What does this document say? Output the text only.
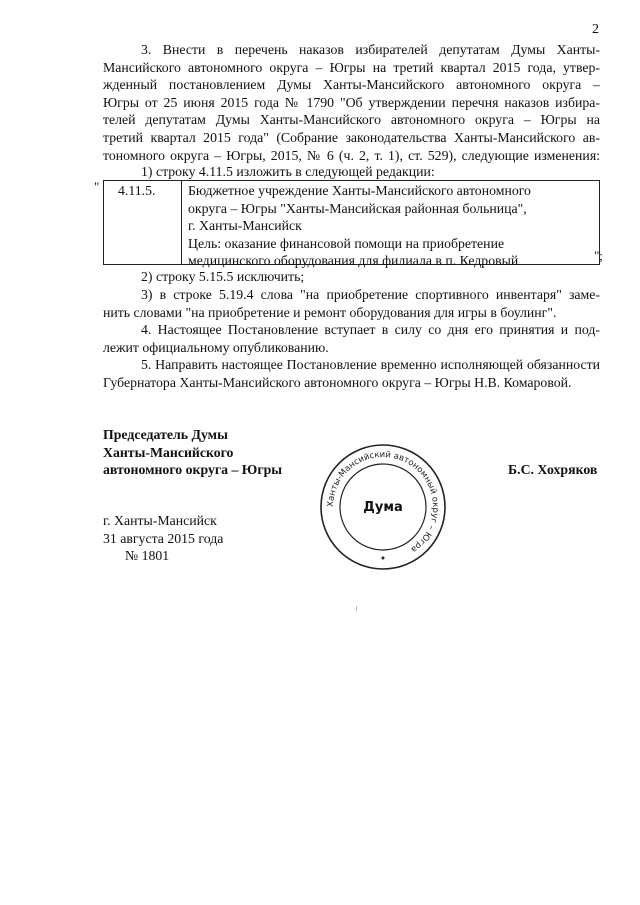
2
3. Внести в перечень наказов избирателей депутатам Думы Ханты-
Мансийского автономного округа – Югры на третий квартал 2015 года, утвер-
жденный постановлением Думы Ханты-Мансийского автономного округа –
Югры от 25 июня 2015 года № 1790 "Об утверждении перечня наказов избира-
телей депутатам Думы Ханты-Мансийского автономного округа – Югры на
третий квартал 2015 года" (Собрание законодательства Ханты-Мансийского ав-
тономного округа – Югры, 2015, № 6 (ч. 2, т. 1), ст. 529), следующие изменения:
1) строку 4.11.5 изложить в следующей редакции:
"	4.11.5.	Бюджетное учреждение Ханты-Мансийского автономного
округа – Югры "Ханты-Мансийская районная больница",
г. Ханты-Мансийск
Цель: оказание финансовой помощи на приобретение
медицинского оборудования для филиала в п. Кедровый	";
2) строку 5.15.5 исключить;
3) в строке 5.19.4 слова "на приобретение спортивного инвентаря" заме-
нить словами "на приобретение и ремонт оборудования для игры в боулинг".
4. Настоящее Постановление вступает в силу со дня его принятия и под-
лежит официальному опубликованию.
5. Направить настоящее Постановление временно исполняющей обязанности
Губернатора Ханты-Мансийского автономного округа – Югры Н.В. Комаровой.
Председатель Думы
Ханты-Мансийского
автономного округа – Югры
Ханты-Мансийский автономный округ – Югра
Дума
Б.С. Хохряков
г. Ханты-Мансийск
31 августа 2015 года
№ 1801
